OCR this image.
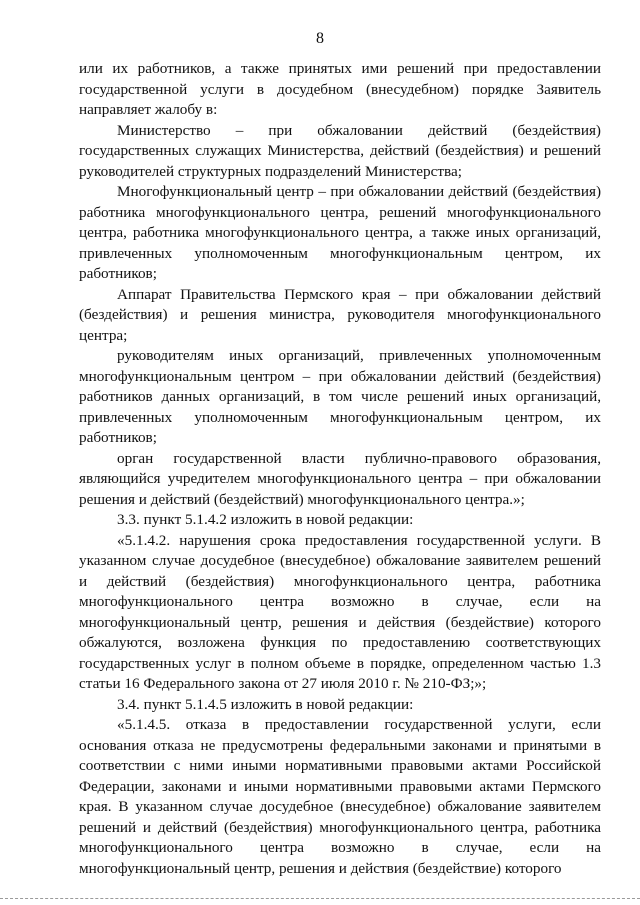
8

или их работников, а также принятых ими решений при предоставлении государственной услуги в досудебном (внесудебном) порядке Заявитель направляет жалобу в:

Министерство – при обжаловании действий (бездействия) государственных служащих Министерства, действий (бездействия) и решений руководителей структурных подразделений Министерства;

Многофункциональный центр – при обжаловании действий (бездействия) работника многофункционального центра, решений многофункционального центра, работника многофункционального центра, а также иных организаций, привлеченных уполномоченным многофункциональным центром, их работников;

Аппарат Правительства Пермского края – при обжаловании действий (бездействия) и решения министра, руководителя многофункционального центра;

руководителям иных организаций, привлеченных уполномоченным многофункциональным центром – при обжаловании действий (бездействия) работников данных организаций, в том числе решений иных организаций, привлеченных уполномоченным многофункциональным центром, их работников;

орган государственной власти публично-правового образования, являющийся учредителем многофункционального центра – при обжаловании решения и действий (бездействий) многофункционального центра.»;

3.3. пункт 5.1.4.2 изложить в новой редакции:

«5.1.4.2. нарушения срока предоставления государственной услуги. В указанном случае досудебное (внесудебное) обжалование заявителем решений и действий (бездействия) многофункционального центра, работника многофункционального центра возможно в случае, если на многофункциональный центр, решения и действия (бездействие) которого обжалуются, возложена функция по предоставлению соответствующих государственных услуг в полном объеме в порядке, определенном частью 1.3 статьи 16 Федерального закона от 27 июля 2010 г. № 210-ФЗ;»;

3.4. пункт 5.1.4.5 изложить в новой редакции:

«5.1.4.5. отказа в предоставлении государственной услуги, если основания отказа не предусмотрены федеральными законами и принятыми в соответствии с ними иными нормативными правовыми актами Российской Федерации, законами и иными нормативными правовыми актами Пермского края. В указанном случае досудебное (внесудебное) обжалование заявителем решений и действий (бездействия) многофункционального центра, работника многофункционального центра возможно в случае, если на многофункциональный центр, решения и действия (бездействие) которого
